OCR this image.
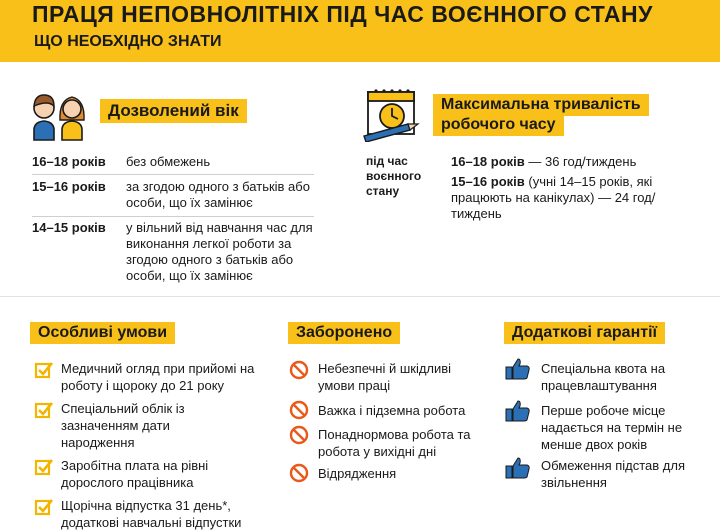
ПРАЦЯ НЕПОВНОЛІТНІХ ПІД ЧАС ВОЄННОГО СТАНУ
ЩО НЕОБХІДНО ЗНАТИ
Дозволений вік
16–18 років без обмежень
15–16 років за згодою одного з батьків або особи, що їх замінює
14–15 років у вільний від навчання час для виконання легкої роботи за згодою одного з батьків або особи, що їх замінює
Максимальна тривалість
робочого часу
під час воєнного стану
16–18 років — 36 год/тиждень
15–16 років (учні 14–15 років, які працюють на канікулах) — 24 год/тиждень
Особливі умови
Медичний огляд при прийомі на роботу і щороку до 21 року
Спеціальний облік із зазначенням дати народження
Заробітна плата на рівні дорослого працівника
Щорічна відпустка 31 день*, додаткові навчальні відпустки
Заборонено
Небезпечні й шкідливі умови праці
Важка і підземна робота
Понаднормова робота та робота у вихідні дні
Відрядження
Додаткові гарантії
Спеціальна квота на працевлаштування
Перше робоче місце надається на термін не менше двох років
Обмеження підстав для звільнення
